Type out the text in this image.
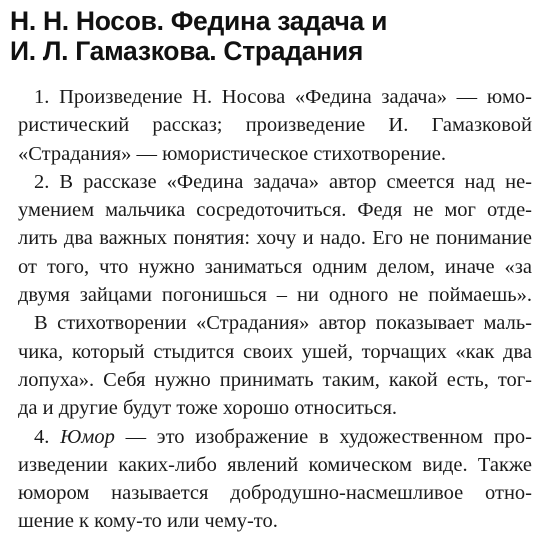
Н. Н. Носов. Федина задача и
И. Л. Гамазкова. Страдания
1. Произведение Н. Носова «Федина задача» — юмо-
ристический рассказ; произведение И. Гамазковой
«Страдания» — юмористическое стихотворение.
2. В рассказе «Федина задача» автор смеется над не-
умением мальчика сосредоточиться. Федя не мог отде-
лить два важных понятия: хочу и надо. Его не понимание
от того, что нужно заниматься одним делом, иначе «за
двумя зайцами погонишься – ни одного не поймаешь».
В стихотворении «Страдания» автор показывает маль-
чика, который стыдится своих ушей, торчащих «как два
лопуха». Себя нужно принимать таким, какой есть, тог-
да и другие будут тоже хорошо относиться.
4. Юмор — это изображение в художественном про-
изведении каких-либо явлений комическом виде. Также
юмором называется добродушно-насмешливое отно-
шение к кому-то или чему-то.
